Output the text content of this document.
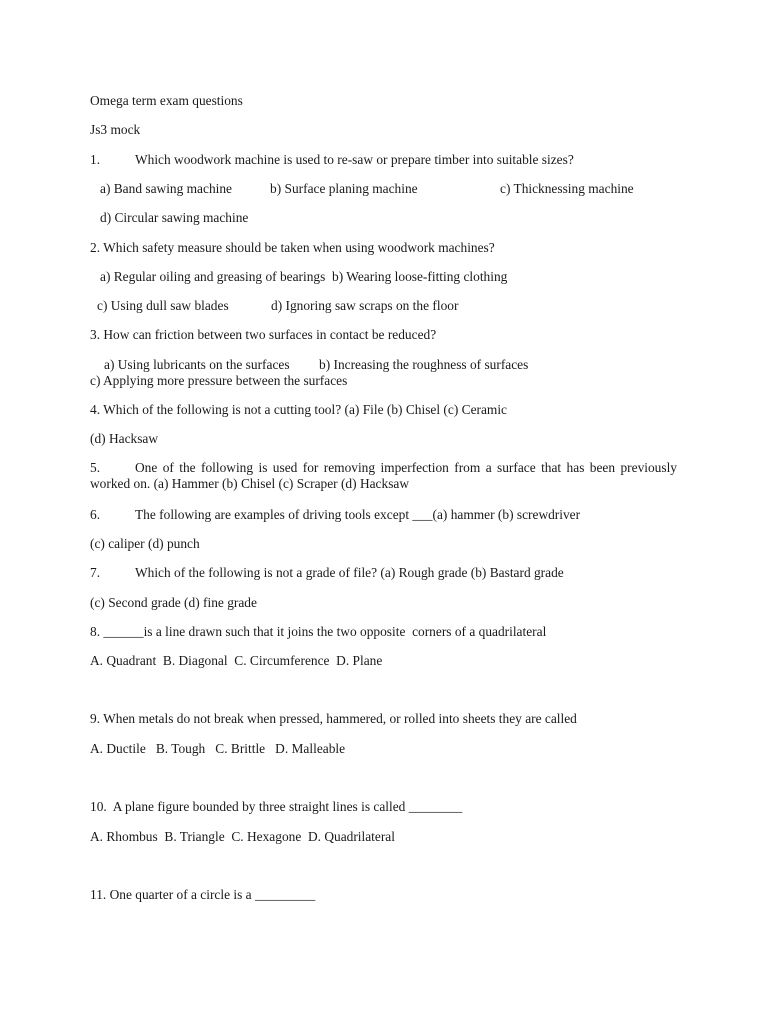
Omega term exam questions
Js3 mock
1.	Which woodwork machine is used to re-saw or prepare timber into suitable sizes?
a) Band sawing machine	b) Surface planing machine	c) Thicknessing machine
d) Circular sawing machine
2. Which safety measure should be taken when using woodwork machines?
a) Regular oiling and greasing of bearings  b) Wearing loose-fitting clothing
c) Using dull saw blades	d) Ignoring saw scraps on the floor
3. How can friction between two surfaces in contact be reduced?
a) Using lubricants on the surfaces b) Increasing the roughness of surfaces
c) Applying more pressure between the surfaces
4. Which of the following is not a cutting tool? (a) File (b) Chisel (c) Ceramic
(d) Hacksaw
5.	One of the following is used for removing imperfection from a surface that has been previously worked on. (a) Hammer (b) Chisel (c) Scraper (d) Hacksaw
6.	The following are examples of driving tools except ___(a) hammer (b) screwdriver
(c) caliper (d) punch
7.	Which of the following is not a grade of file? (a) Rough grade (b) Bastard grade
(c) Second grade (d) fine grade
8. ______is a line drawn such that it joins the two opposite  corners of a quadrilateral
A. Quadrant  B. Diagonal  C. Circumference  D. Plane
9. When metals do not break when pressed, hammered, or rolled into sheets they are called
A. Ductile   B. Tough   C. Brittle   D. Malleable
10.  A plane figure bounded by three straight lines is called ________
A. Rhombus  B. Triangle  C. Hexagone  D. Quadrilateral
11. One quarter of a circle is a _________
